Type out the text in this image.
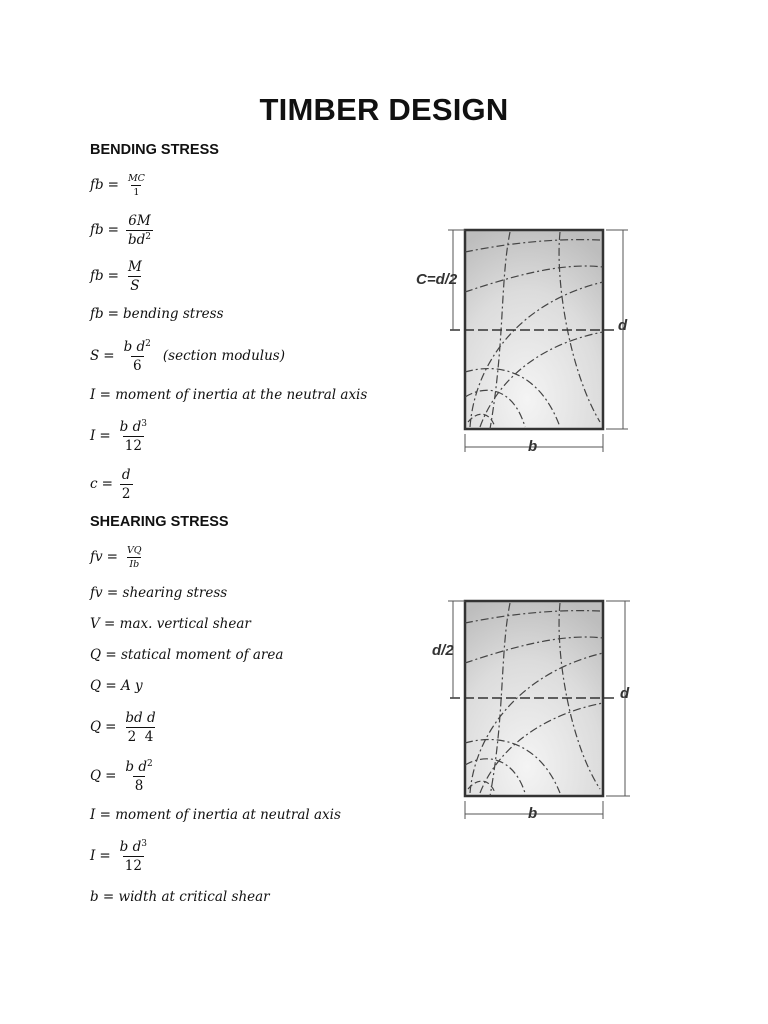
TIMBER DESIGN
BENDING STRESS
fb = $\frac{MC}{1}$
fb = $\frac{6M}{bd^2}$
fb = $\frac{M}{S}$
fb = bending stress
$S = \frac{b d^2}{6}$ (section modulus)
I = moment of inertia at the neutral axis
$I = \frac{b d^3}{12}$
$c = \frac{d}{2}$
SHEARING STRESS
fv = $\frac{VQ}{Ib}$
fv = shearing stress
V = max. vertical shear
Q = statical moment of area
Q = A y
$Q = \frac{\text{bd d}}{2 4}$
$Q = \frac{b d^2}{8}$
I = moment of inertia at neutral axis
$I = \frac{b d^3}{12}$
b = width at critical shear
C=d/2
d
b
d/2
d
b
